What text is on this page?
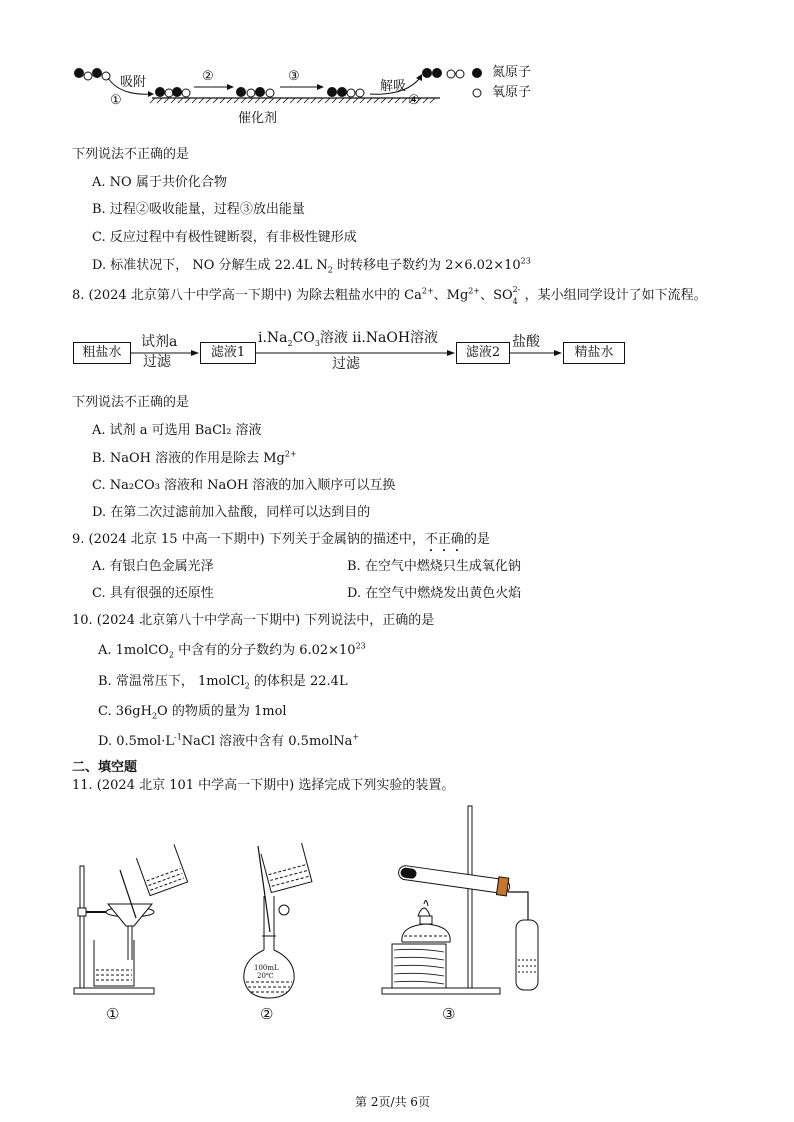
吸附
①
②	③
解吸
④
催化剂
氮原子
氧原子
下列说法不正确的是
A. NO 属于共价化合物
B. 过程②吸收能量，过程③放出能量
C. 反应过程中有极性键断裂，有非极性键形成
D. 标准状况下， NO 分解生成 22.4L $N_2$ 时转移电子数约为 $2\times 6.02\times 10^{23}$
8. (2024 北京第八十中学高一下期中) 为除去粗盐水中的 $Ca^{2+}$、$Mg^{2+}$、SO 2-
4 ，某小组同学设计了如下流程。
粗盐水
试剂a
过滤
滤液1
$i.Na_2CO_3$溶液 ii.NaOH溶液
过滤
滤液2
盐酸
精盐水
下列说法不正确的是
A. 试剂 a 可选用 BaCl₂ 溶液
B. NaOH 溶液的作用是除去 $Mg^{2+}$
C. Na₂CO₃ 溶液和 NaOH 溶液的加入顺序可以互换
D. 在第二次过滤前加入盐酸，同样可以达到目的
9. (2024 北京 15 中高一下期中) 下列关于金属钠的描述中，不正确的是
A. 有银白色金属光泽	B. 在空气中燃烧只生成氧化钠
C. 具有很强的还原性	D. 在空气中燃烧发出黄色火焰
10. (2024 北京第八十中学高一下期中) 下列说法中，正确的是
A. 1molCO$_2$ 中含有的分子数约为 $6.02\times 10^{23}$
B. 常温常压下， 1molCl$_2$ 的体积是 22.4L
C. $36gH_2O$ 的物质的量为 1mol
D. $0.5mol\cdot L^{-1}NaCl$ 溶液中含有 0.5molNa+
二、填空题
11. (2024 北京 101 中学高一下期中) 选择完成下列实验的装置。
100mL
20℃
①	②	③
第 2页/共 6页
